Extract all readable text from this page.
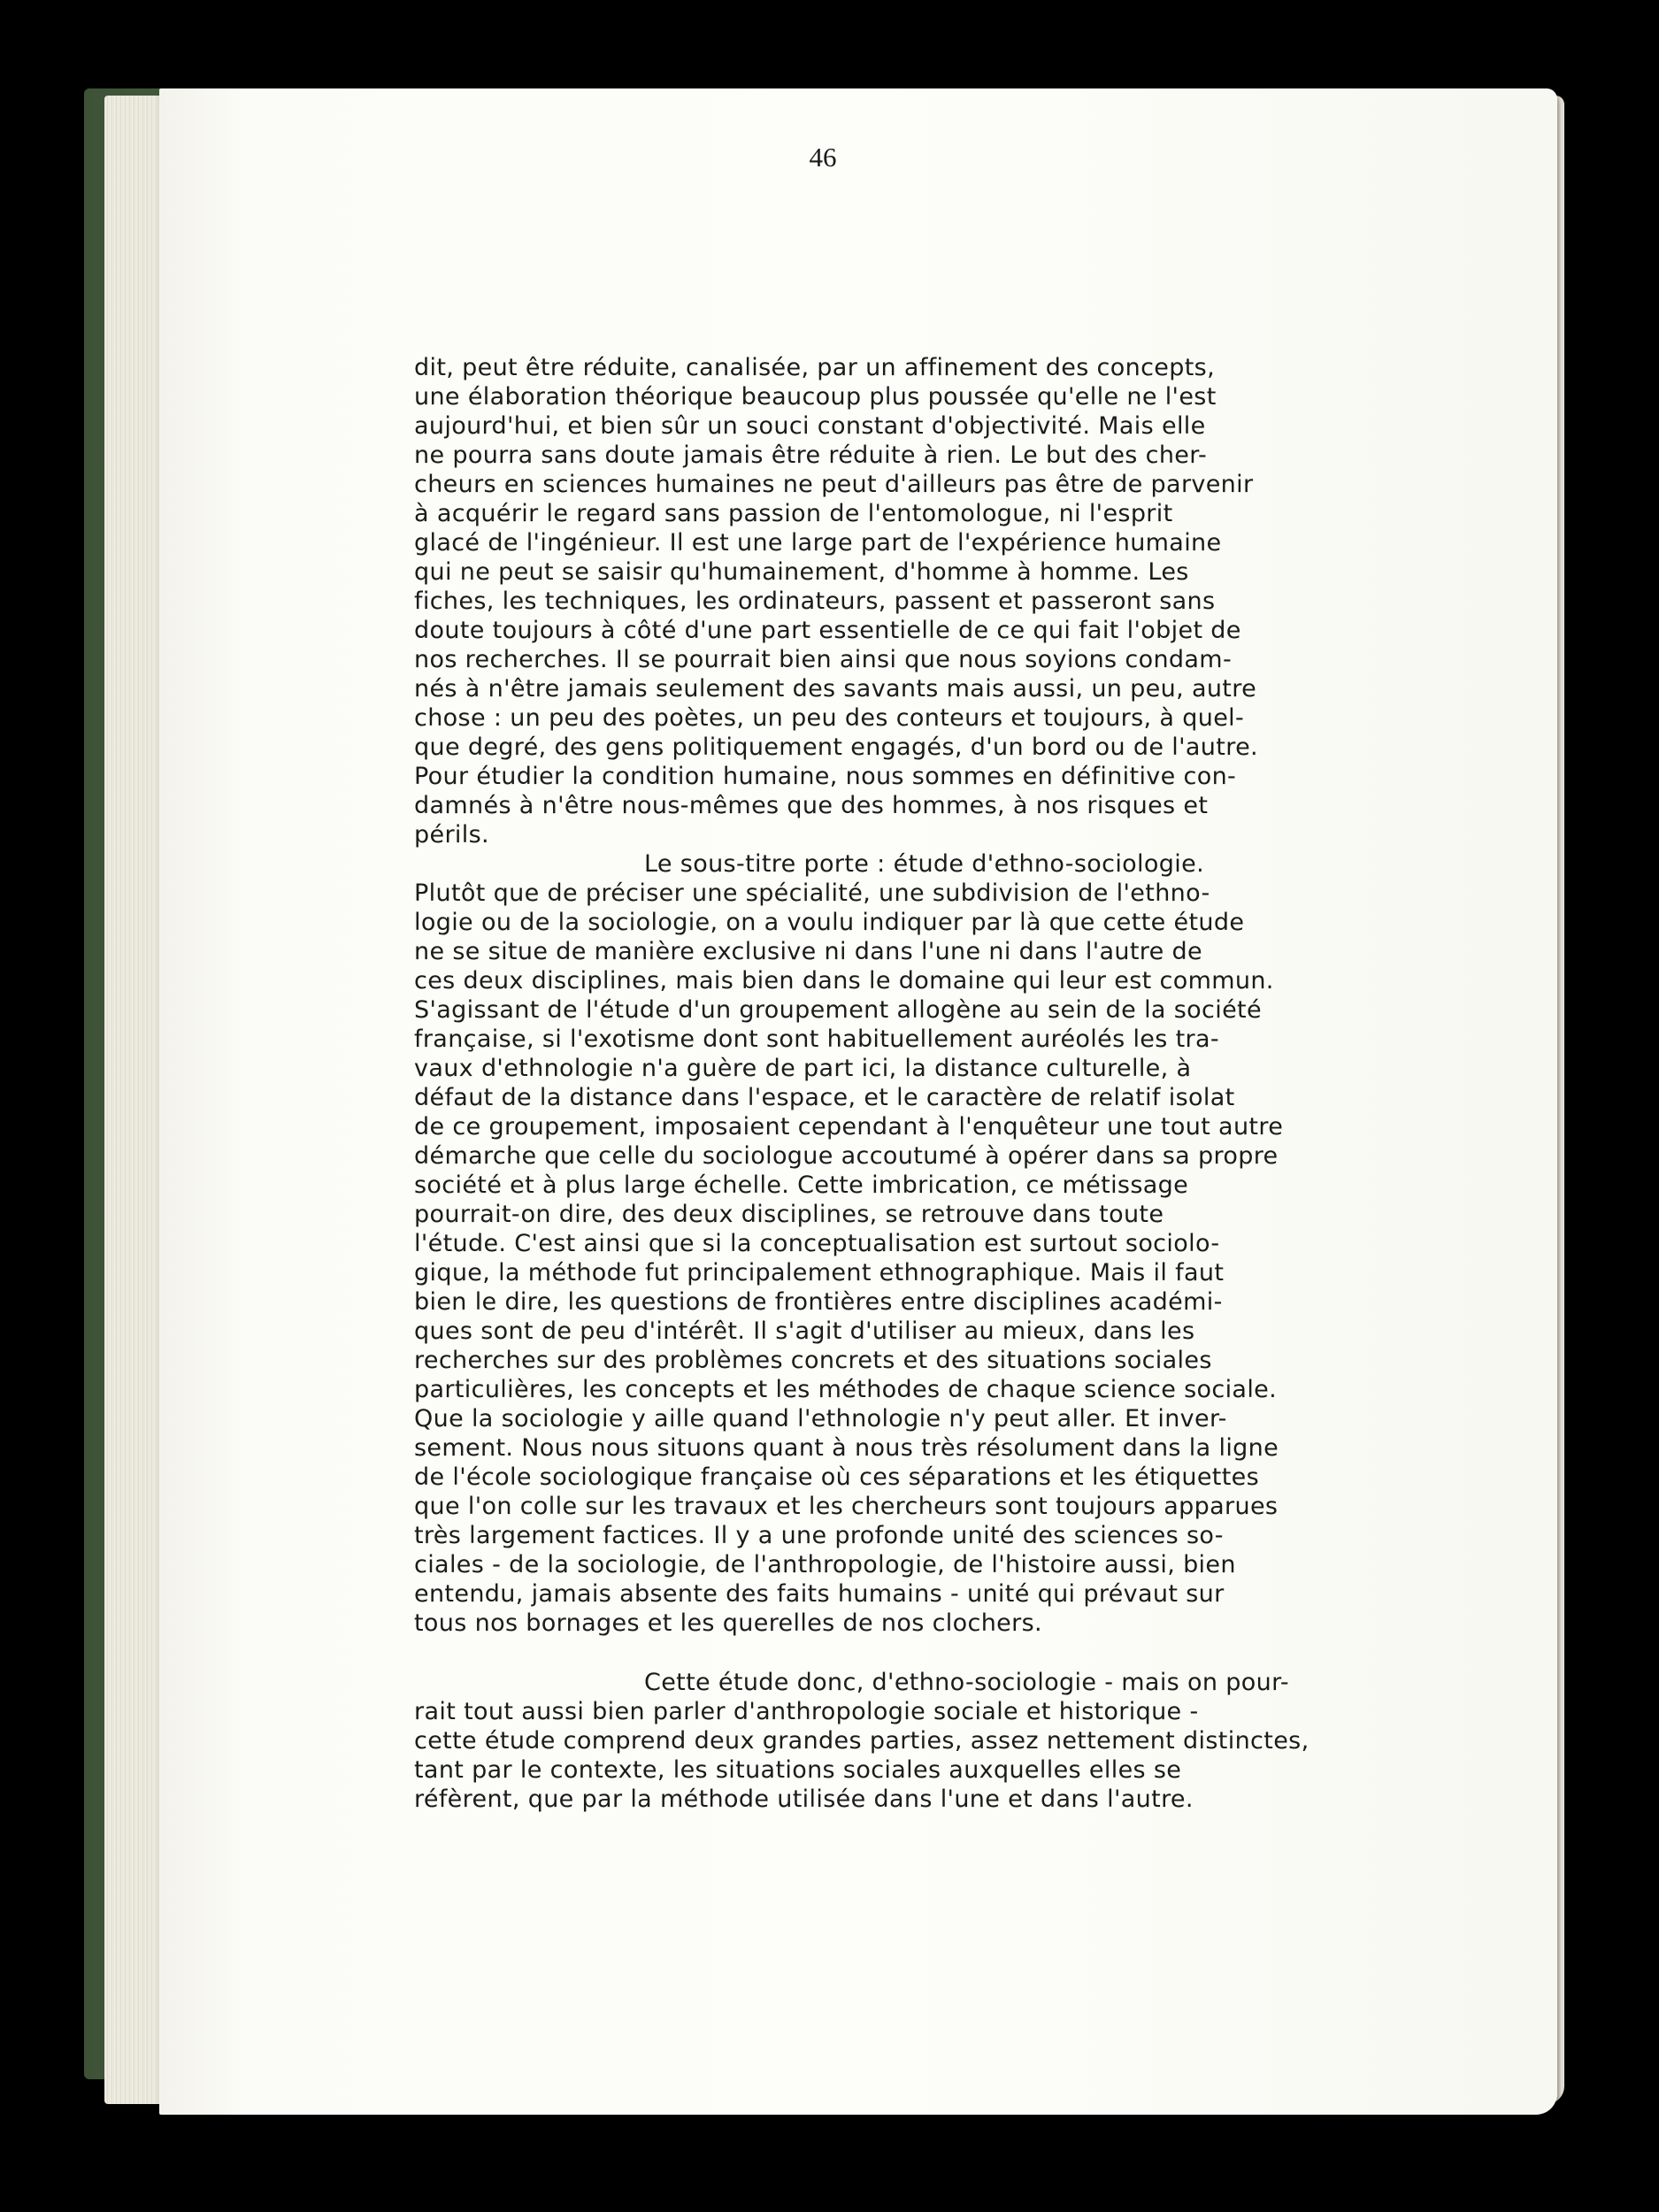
46
dit, peut être réduite, canalisée, par un affinement des concepts,
une élaboration théorique beaucoup plus poussée qu'elle ne l'est
aujourd'hui, et bien sûr un souci constant d'objectivité. Mais elle
ne pourra sans doute jamais être réduite à rien. Le but des cher-
cheurs en sciences humaines ne peut d'ailleurs pas être de parvenir
à acquérir le regard sans passion de l'entomologue, ni l'esprit
glacé de l'ingénieur. Il est une large part de l'expérience humaine
qui ne peut se saisir qu'humainement, d'homme à homme. Les
fiches, les techniques, les ordinateurs, passent et passeront sans
doute toujours à côté d'une part essentielle de ce qui fait l'objet de
nos recherches. Il se pourrait bien ainsi que nous soyions condam-
nés à n'être jamais seulement des savants mais aussi, un peu, autre
chose : un peu des poètes, un peu des conteurs et toujours, à quel-
que degré, des gens politiquement engagés, d'un bord ou de l'autre.
Pour étudier la condition humaine, nous sommes en définitive con-
damnés à n'être nous-mêmes que des hommes, à nos risques et
périls.
Le sous-titre porte : étude d'ethno-sociologie.
Plutôt que de préciser une spécialité, une subdivision de l'ethno-
logie ou de la sociologie, on a voulu indiquer par là que cette étude
ne se situe de manière exclusive ni dans l'une ni dans l'autre de
ces deux disciplines, mais bien dans le domaine qui leur est commun.
S'agissant de l'étude d'un groupement allogène au sein de la société
française, si l'exotisme dont sont habituellement auréolés les tra-
vaux d'ethnologie n'a guère de part ici, la distance culturelle, à
défaut de la distance dans l'espace, et le caractère de relatif isolat
de ce groupement, imposaient cependant à l'enquêteur une tout autre
démarche que celle du sociologue accoutumé à opérer dans sa propre
société et à plus large échelle. Cette imbrication, ce métissage
pourrait-on dire, des deux disciplines, se retrouve dans toute
l'étude. C'est ainsi que si la conceptualisation est surtout sociolo-
gique, la méthode fut principalement ethnographique. Mais il faut
bien le dire, les questions de frontières entre disciplines académi-
ques sont de peu d'intérêt. Il s'agit d'utiliser au mieux, dans les
recherches sur des problèmes concrets et des situations sociales
particulières, les concepts et les méthodes de chaque science sociale.
Que la sociologie y aille quand l'ethnologie n'y peut aller. Et inver-
sement. Nous nous situons quant à nous très résolument dans la ligne
de l'école sociologique française où ces séparations et les étiquettes
que l'on colle sur les travaux et les chercheurs sont toujours apparues
très largement factices. Il y a une profonde unité des sciences so-
ciales - de la sociologie, de l'anthropologie, de l'histoire aussi, bien
entendu, jamais absente des faits humains - unité qui prévaut sur
tous nos bornages et les querelles de nos clochers.
Cette étude donc, d'ethno-sociologie - mais on pour-
rait tout aussi bien parler d'anthropologie sociale et historique -
cette étude comprend deux grandes parties, assez nettement distinctes,
tant par le contexte, les situations sociales auxquelles elles se
réfèrent, que par la méthode utilisée dans l'une et dans l'autre.
